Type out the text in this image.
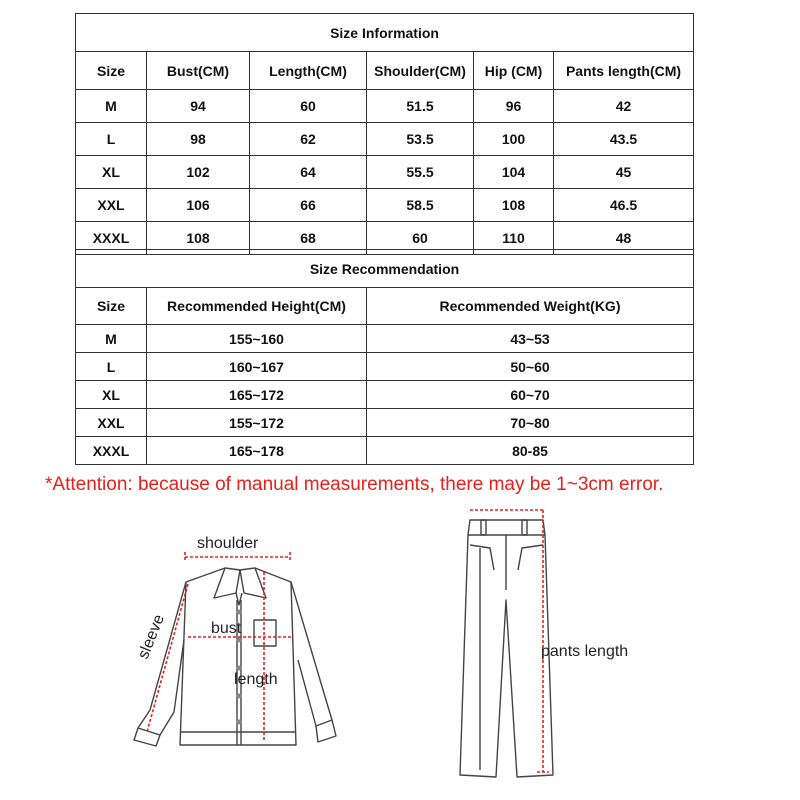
Size Information					
Size	Bust(CM)	Length(CM)	Shoulder(CM)	Hip (CM)	Pants length(CM)
M	94	60	51.5	96	42
L	98	62	53.5	100	43.5
XL	102	64	55.5	104	45
XXL	106	66	58.5	108	46.5
XXXL	108	68	60	110	48
Size Recommendation		
Size	Recommended Height(CM)	Recommended Weight(KG)
M	155~160	43~53
L	160~167	50~60
XL	165~172	60~70
XXL	155~172	70~80
XXXL	165~178	80-85
*Attention: because of manual measurements, there may be 1~3cm error.
shoulder
bust
length
sleeve	pants length
